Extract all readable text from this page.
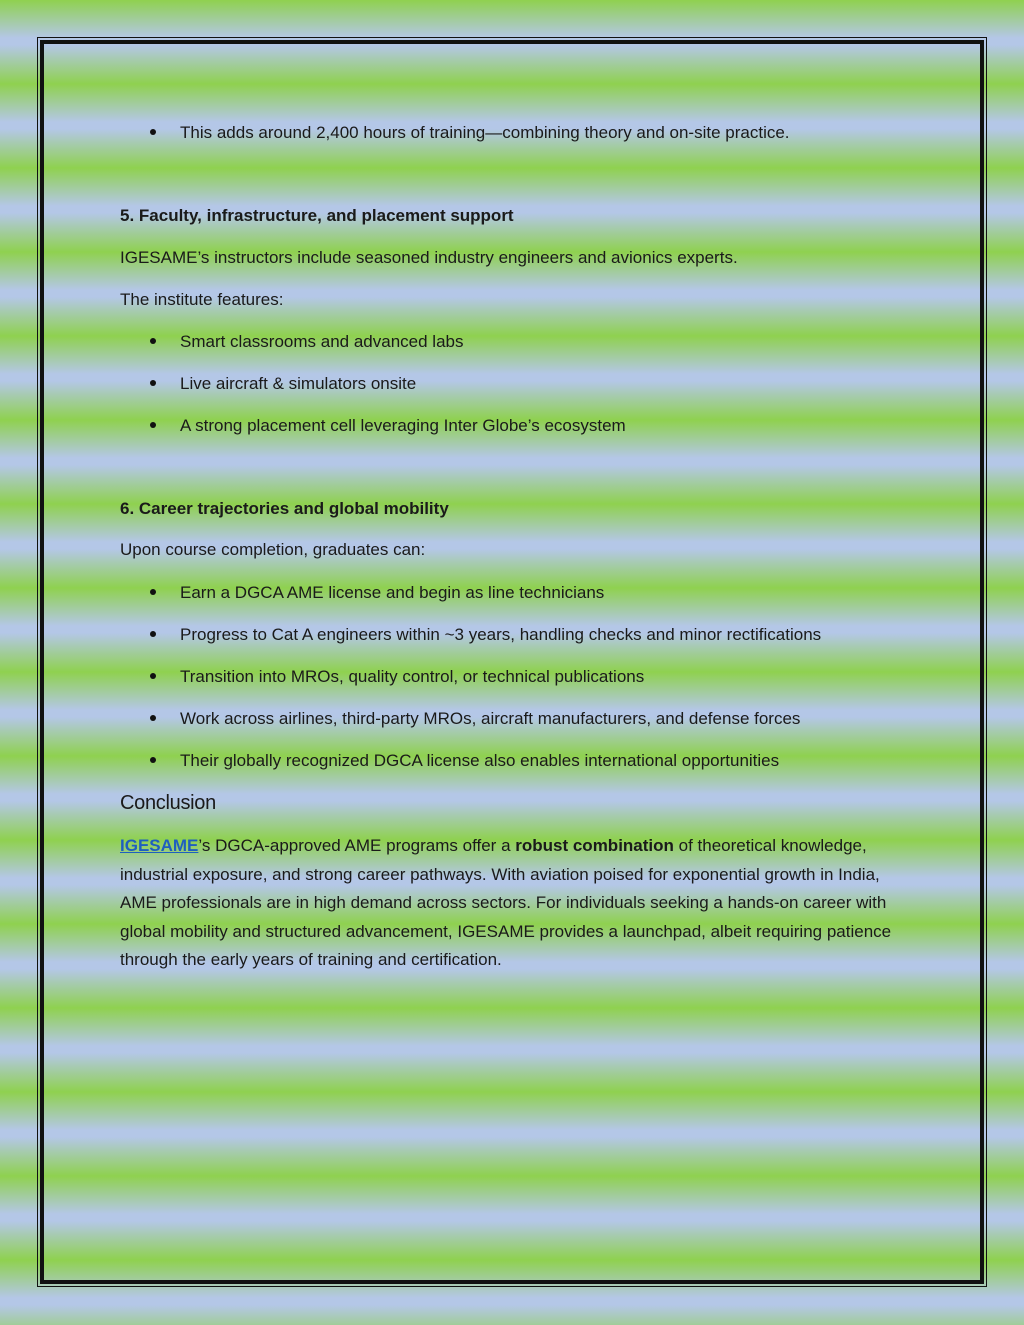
This adds around 2,400 hours of training—combining theory and on-site practice.
5. Faculty, infrastructure, and placement support
IGESAME’s instructors include seasoned industry engineers and avionics experts.
The institute features:
Smart classrooms and advanced labs
Live aircraft & simulators onsite
A strong placement cell leveraging Inter Globe’s ecosystem
6. Career trajectories and global mobility
Upon course completion, graduates can:
Earn a DGCA AME license and begin as line technicians
Progress to Cat A engineers within ~3 years, handling checks and minor rectifications
Transition into MROs, quality control, or technical publications
Work across airlines, third-party MROs, aircraft manufacturers, and defense forces
Their globally recognized DGCA license also enables international opportunities
Conclusion
IGESAME’s DGCA-approved AME programs offer a robust combination of theoretical knowledge, industrial exposure, and strong career pathways. With aviation poised for exponential growth in India, AME professionals are in high demand across sectors. For individuals seeking a hands-on career with global mobility and structured advancement, IGESAME provides a launchpad, albeit requiring patience through the early years of training and certification.
